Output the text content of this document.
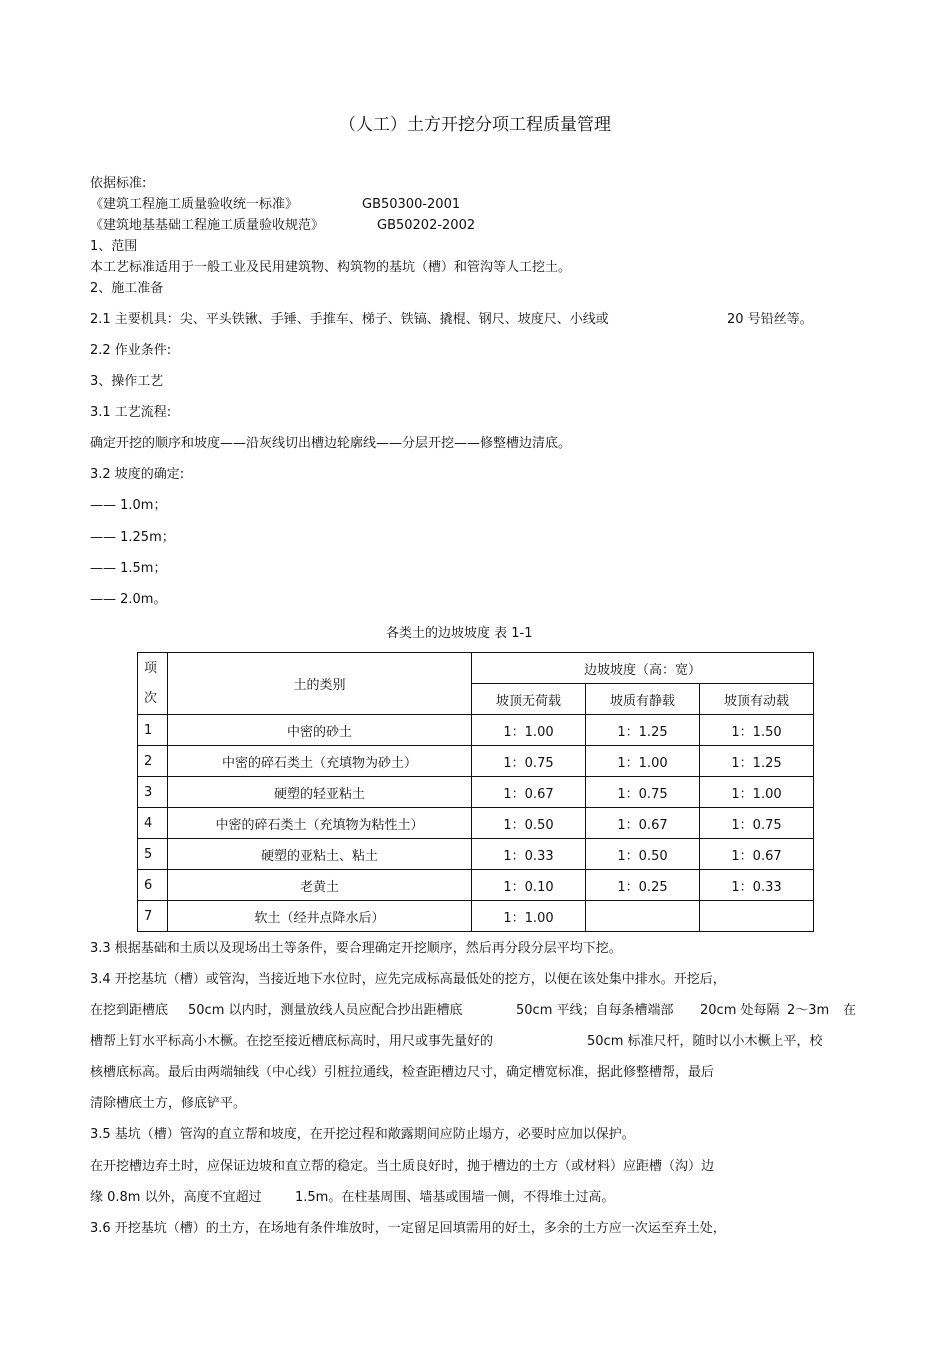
（人工）土方开挖分项工程质量管理
依据标准:
《建筑工程施工质量验收统一标准》	GB50300-2001
《建筑地基基础工程施工质量验收规范》	GB50202-2002
1、范围
本工艺标准适用于一般工业及民用建筑物、构筑物的基坑（槽）和管沟等人工挖土。
2、施工准备
2.1 主要机具：尖、平头铁锹、手锤、手推车、梯子、铁镐、撬棍、钢尺、坡度尺、小线或	20 号铅丝等。
2.2 作业条件:
3、操作工艺
3.1 工艺流程:
确定开挖的顺序和坡度——沿灰线切出槽边轮廓线——分层开挖——修整槽边清底。
3.2 坡度的确定:
—— 1.0m；
—— 1.25m；
—— 1.5m；
—— 2.0m。
各类土的边坡坡度 表 1-1
项
次	土的类别	边坡坡度（高：宽）		
		坡顶无荷载	坡质有静载	坡顶有动载
1	中密的砂土	1：1.00	1：1.25	1：1.50
2	中密的碎石类土（充填物为砂土）	1：0.75	1：1.00	1：1.25
3	硬塑的轻亚粘土	1：0.67	1：0.75	1：1.00
4	中密的碎石类土（充填物为粘性土）	1：0.50	1：0.67	1：0.75
5	硬塑的亚粘土、粘土	1：0.33	1：0.50	1：0.67
6	老黄土	1：0.10	1：0.25	1：0.33
7	软土（经井点降水后）	1：1.00		
3.3 根据基础和土质以及现场出土等条件，要合理确定开挖顺序，然后再分段分层平均下挖。
3.4 开挖基坑（槽）或管沟，当接近地下水位时，应先完成标高最低处的挖方，以便在该处集中排水。开挖后，
在挖到距槽底 50cm 以内时，测量放线人员应配合抄出距槽底	50cm 平线；自每条槽端部 20cm 处每隔 2～3m 在
槽帮上钉水平标高小木橛。在挖至接近槽底标高时，用尺或事先量好的	50cm 标准尺杆，随时以小木橛上平，校
核槽底标高。最后由两端轴线（中心线）引桩拉通线，检查距槽边尺寸，确定槽宽标准，据此修整槽帮，最后
清除槽底土方，修底铲平。
3.5 基坑（槽）管沟的直立帮和坡度，在开挖过程和敞露期间应防止塌方，必要时应加以保护。
在开挖槽边弃土时，应保证边坡和直立帮的稳定。当土质良好时，抛于槽边的土方（或材料）应距槽（沟）边
缘 0.8m 以外，高度不宜超过	1.5m。在柱基周围、墙基或围墙一侧，不得堆土过高。
3.6 开挖基坑（槽）的土方，在场地有条件堆放时，一定留足回填需用的好土，多余的土方应一次运至弃土处，
